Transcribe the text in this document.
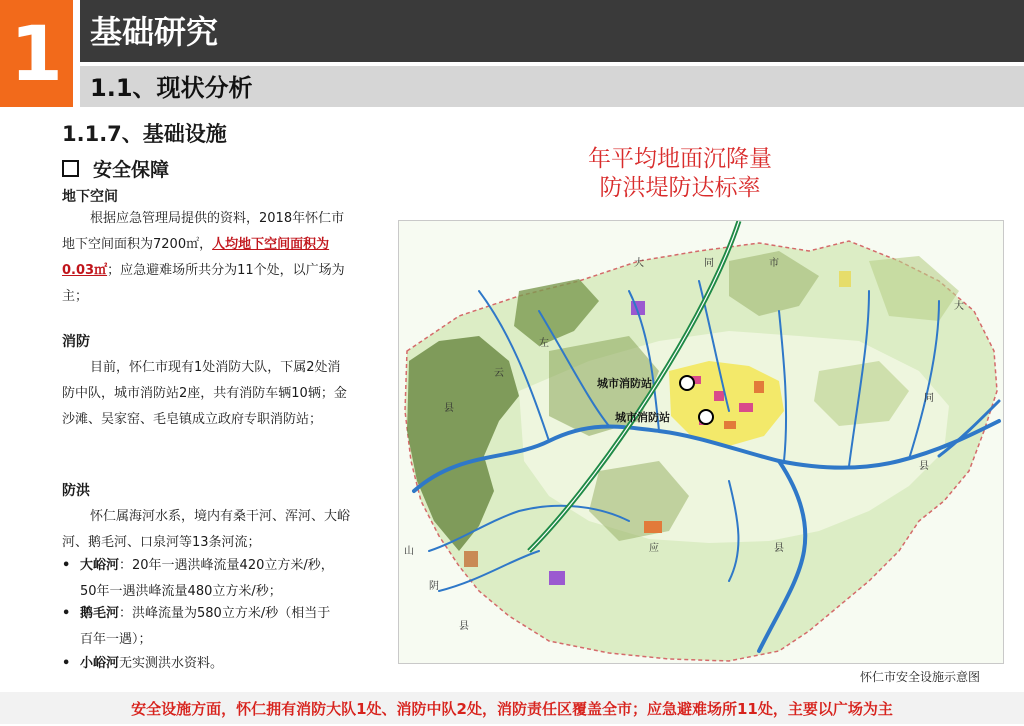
1 基础研究
1.1、现状分析
1.1.7、基础设施
安全保障
地下空间
根据应急管理局提供的资料，2018年怀仁市地下空间面积为7200㎡，人均地下空间面积为0.03㎡；应急避难场所共分为11个处，以广场为主；
消防
目前，怀仁市现有1处消防大队，下属2处消防中队，城市消防站2座，共有消防车辆10辆；金沙滩、吴家窑、毛皂镇成立政府专职消防站；
防洪
怀仁属海河水系，境内有桑干河、浑河、大峪河、鹅毛河、口泉河等13条河流；
• 大峪河：20年一遇洪峰流量420立方米/秒，
50年一遇洪峰流量480立方米/秒；
• 鹅毛河：洪峰流量为580立方米/秒（相当于
百年一遇）；
• 小峪河无实测洪水资料。
年平均地面沉降量
防洪堤防达标率
城市消防站
城市消防站
大	同	市
左
云
县
山
阴
县
应	县
大
同
县
怀仁市安全设施示意图
安全设施方面，怀仁拥有消防大队1处、消防中队2处，消防责任区覆盖全市；应急避难场所11处，主要以广场为主
